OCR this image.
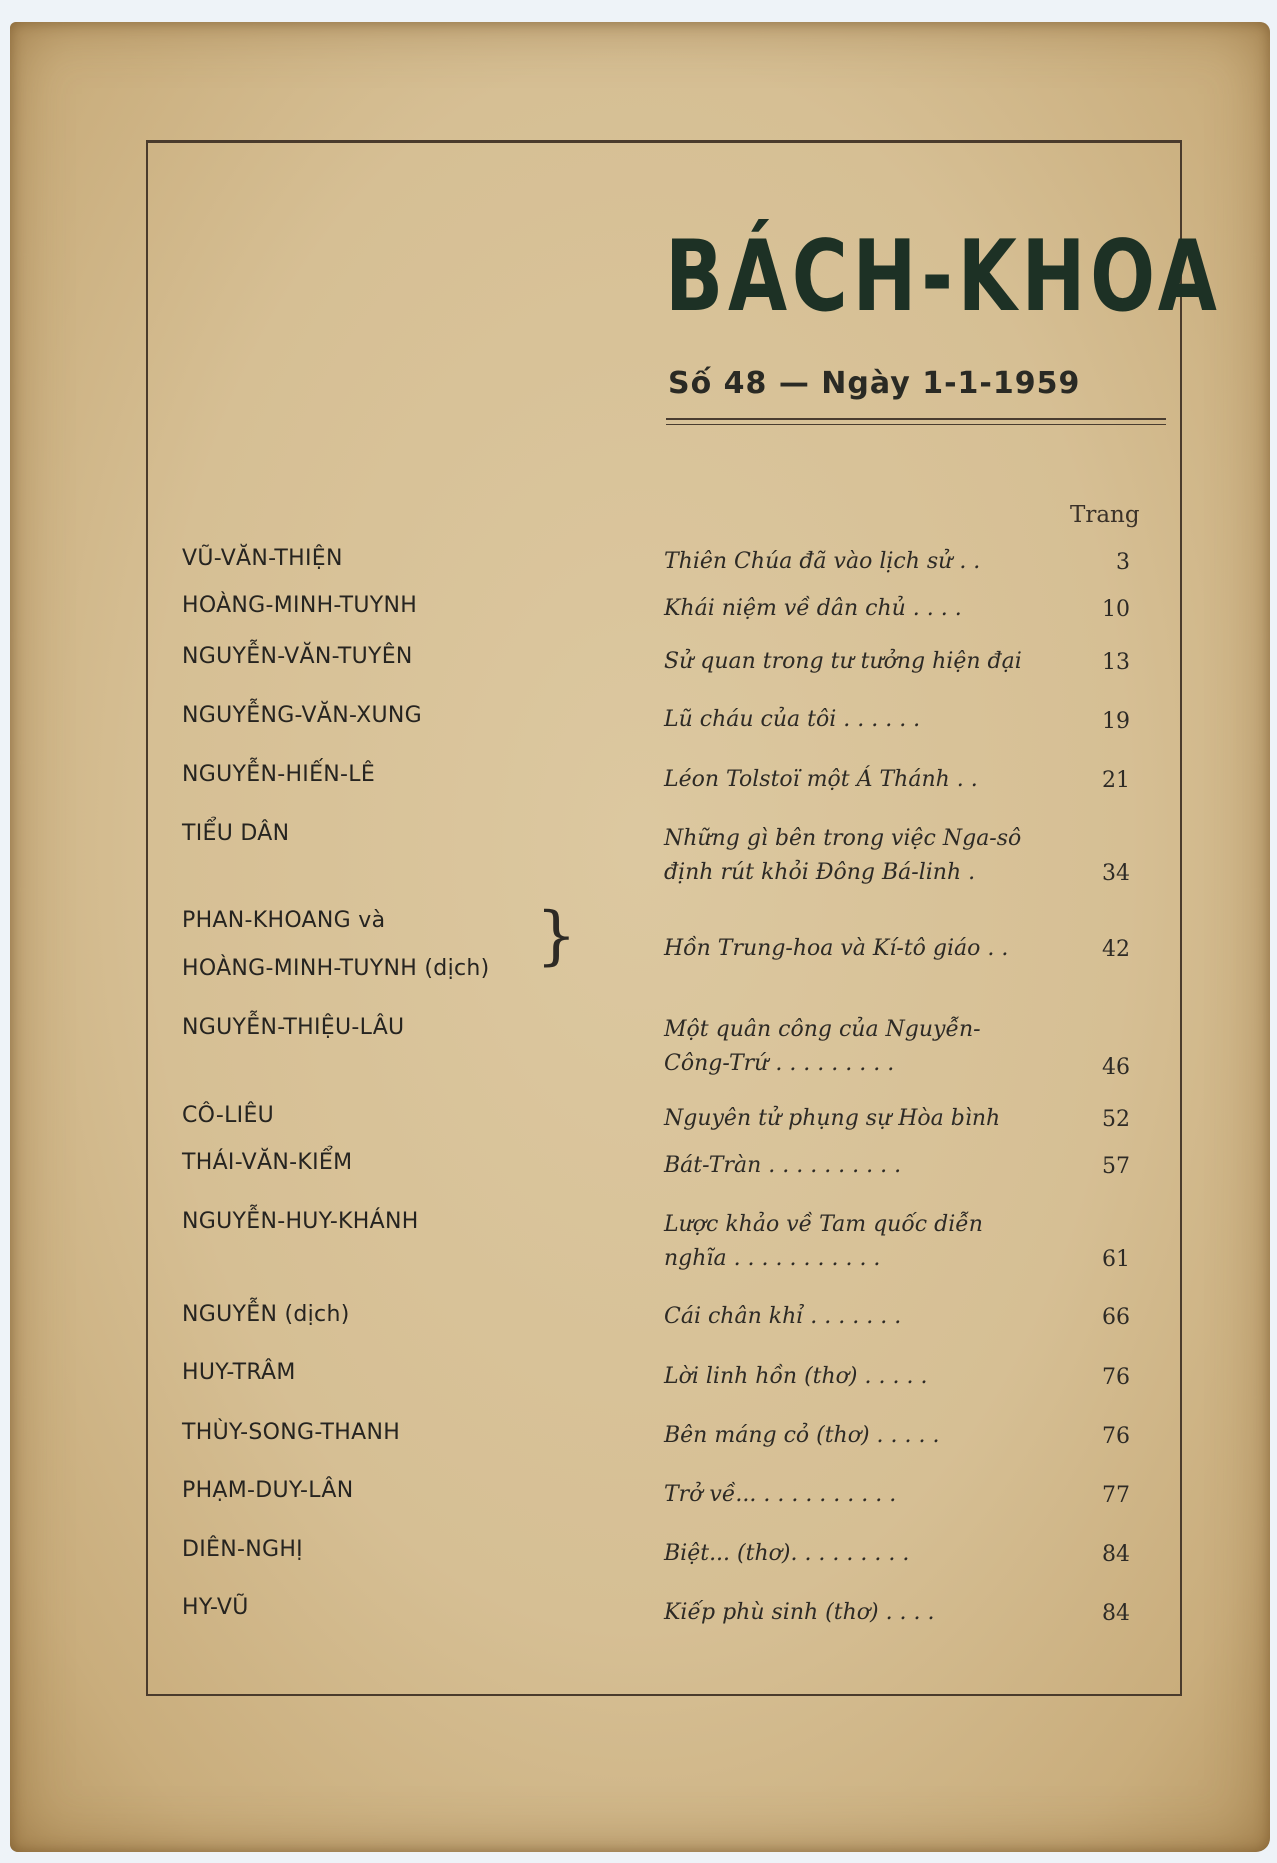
BÁCH-KHOA
Số 48 — Ngày 1-1-1959
Trang
VŨ-VĂN-THIỆN	Thiên Chúa đã vào lịch sử . .	3
HOÀNG-MINH-TUYNH	Khái niệm về dân chủ . . . .	10
NGUYỄN-VĂN-TUYÊN	Sử quan trong tư tưởng hiện đại	13
NGUYỄNG-VĂN-XUNG	Lũ cháu của tôi . . . . . .	19
NGUYỄN-HIẾN-LÊ	Léon Tolstoï một Á Thánh . .	21
TIỂU DÂN	Những gì bên trong việc Nga-sô
định rút khỏi Đông Bá-linh .	34
PHAN-KHOANG và
HOÀNG-MINH-TUYNH (dịch) }	Hồn Trung-hoa và Kí-tô giáo . .	42
NGUYỄN-THIỆU-LÂU	Một quân công của Nguyễn-
Công-Trứ . . . . . . . . .	46
CÔ-LIÊU	Nguyên tử phụng sự Hòa bình	52
THÁI-VĂN-KIỂM	Bát-Tràn . . . . . . . . . .	57
NGUYỄN-HUY-KHÁNH	Lược khảo về Tam quốc diễn
nghĩa . . . . . . . . . . .	61
NGUYỄN (dịch)	Cái chân khỉ . . . . . . .	66
HUY-TRÂM	Lời linh hồn (thơ) . . . . .	76
THÙY-SONG-THANH	Bên máng cỏ (thơ) . . . . .	76
PHẠM-DUY-LÂN	Trở về... . . . . . . . . . .	77
DIÊN-NGHỊ	Biệt... (thơ). . . . . . . . .	84
HY-VŨ	Kiếp phù sinh (thơ) . . . .	84
